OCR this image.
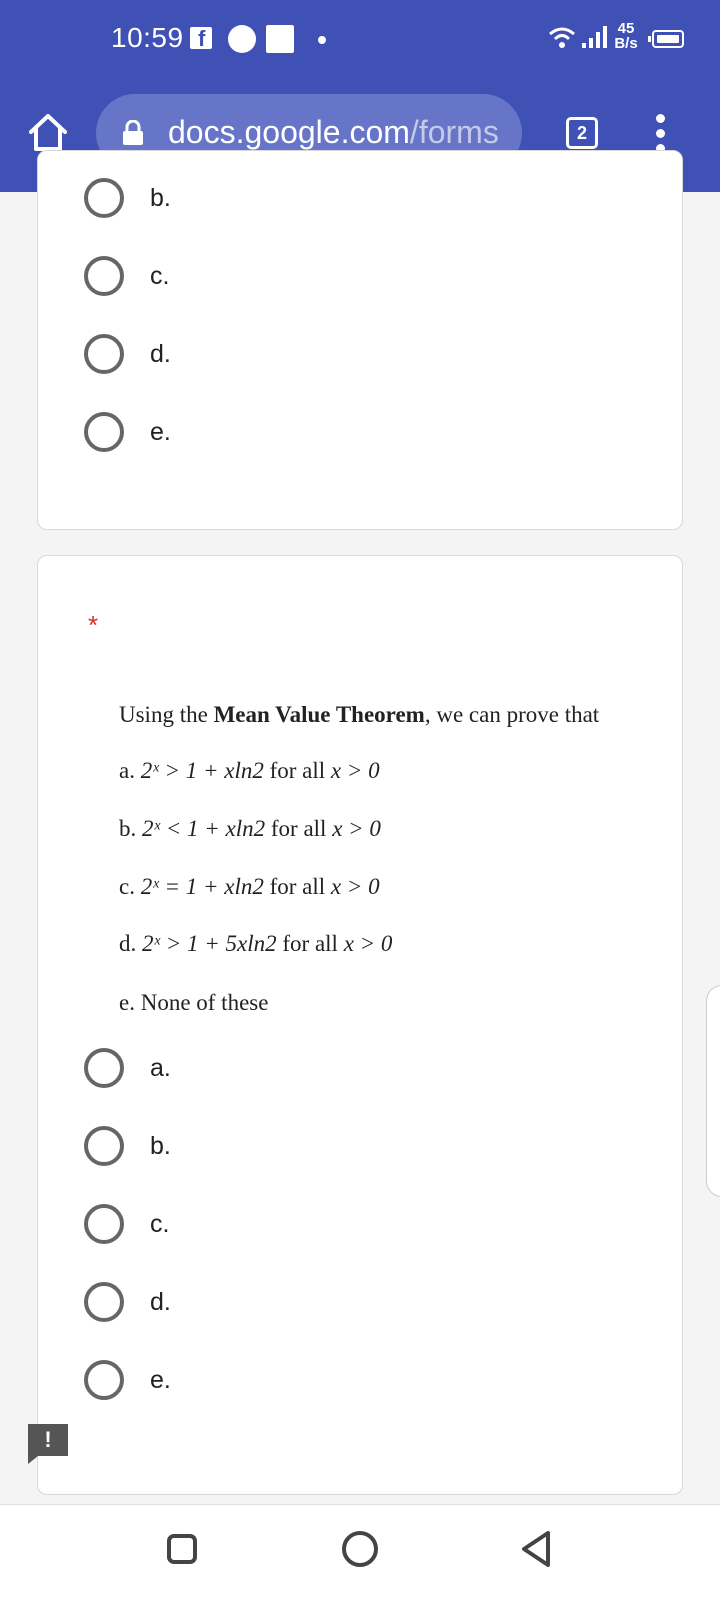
10:59 f	45
B/s
docs.google.com/forms	2
b.
c.
d.
e.
*
Using the Mean Value Theorem, we can prove that
a. 2ˣ > 1 + xln2 for all x > 0
b. 2ˣ < 1 + xln2 for all x > 0
c. 2ˣ = 1 + xln2 for all x > 0
d. 2ˣ > 1 + 5xln2 for all x > 0
e. None of these
a.
b.
c.
d.
e.
!
